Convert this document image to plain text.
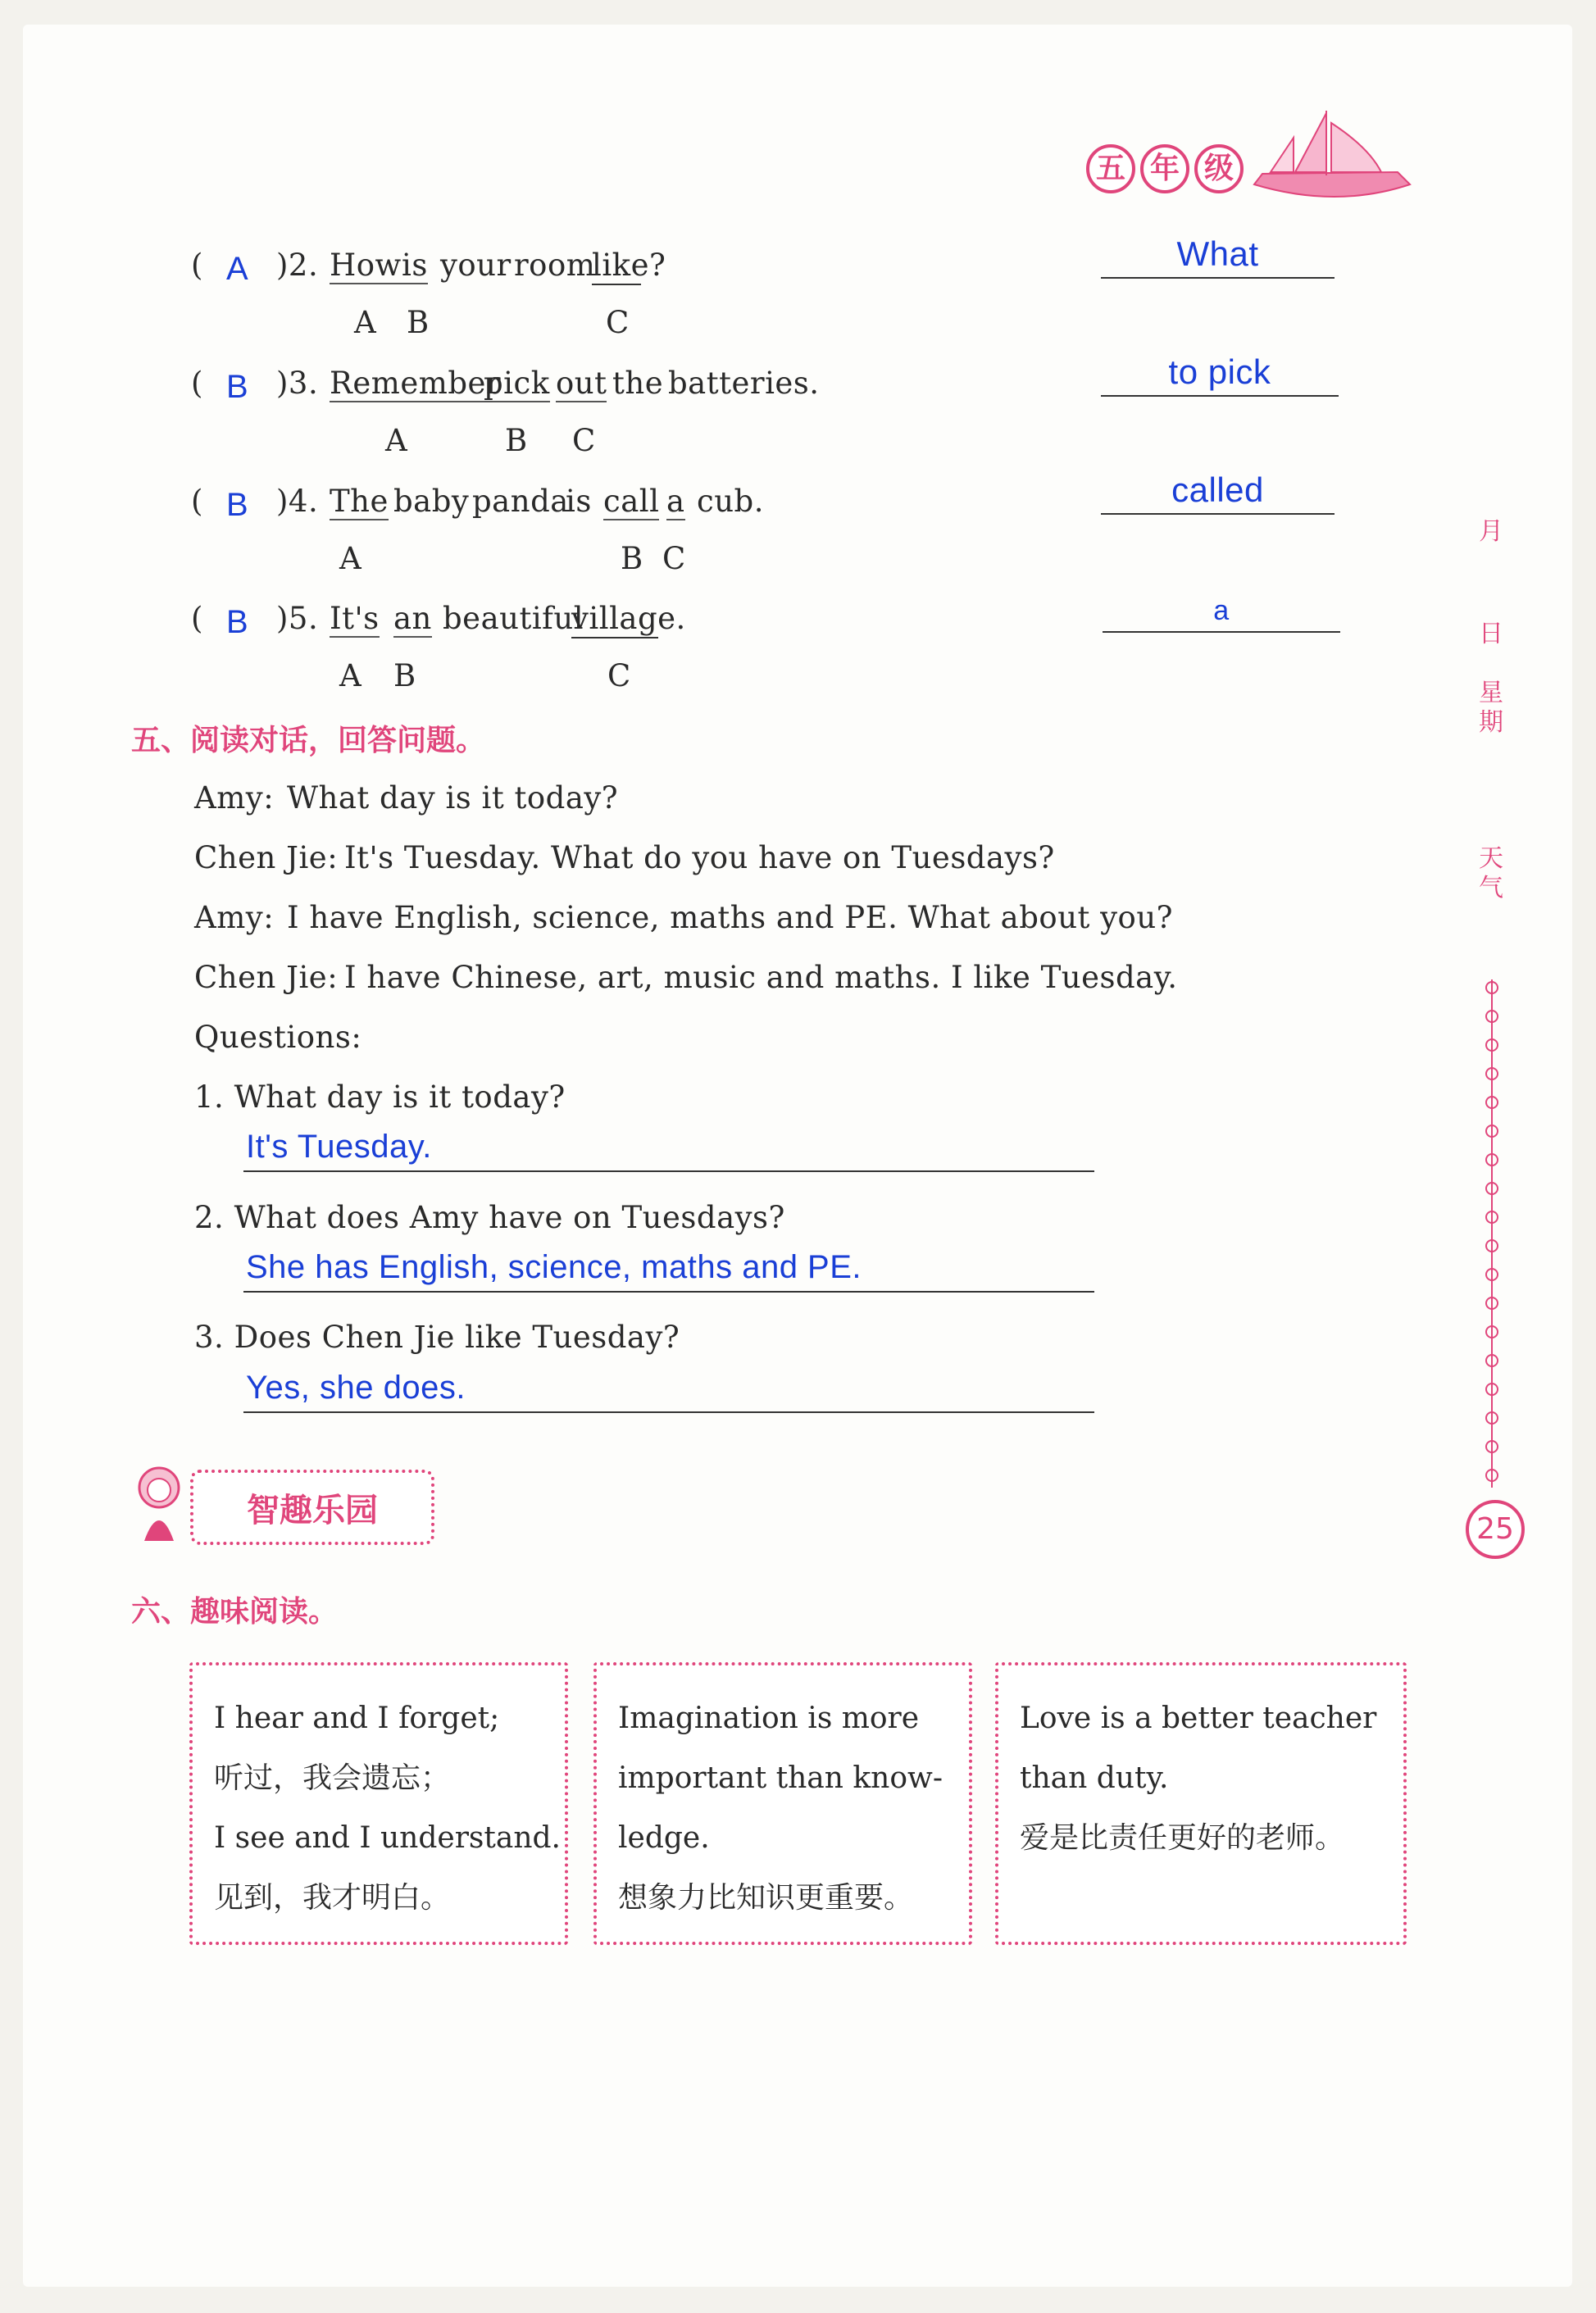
五 年 级
( A )2. How is your room
like?
A B	C
What
( B )3. Remember
pick out the batteries.
A	B C
to pick
( B )4. The baby panda
is call a cub.
A	B C
called
( B )5. It's an beautiful
village.
A B	C
a
五、阅读对话，回答问题。
Amy: What day is it today?
Chen Jie: It's Tuesday. What do you have on Tuesdays?
Amy: I have English, science, maths and PE. What about you?
Chen Jie: I have Chinese, art, music and maths. I like Tuesday.
Questions:
1. What day is it today?
It's Tuesday.
2. What does Amy have on Tuesdays?
She has English, science, maths and PE.
3. Does Chen Jie like Tuesday?
Yes, she does.
智趣乐园
六、趣味阅读。
I hear and I forget;
听过，我会遗忘；
I see and I understand.
见到，我才明白。
Imagination is more
important than know-
ledge.
想象力比知识更重要。
Love is a better teacher
than duty.
爱是比责任更好的老师。
月
日
星期
天气
25
